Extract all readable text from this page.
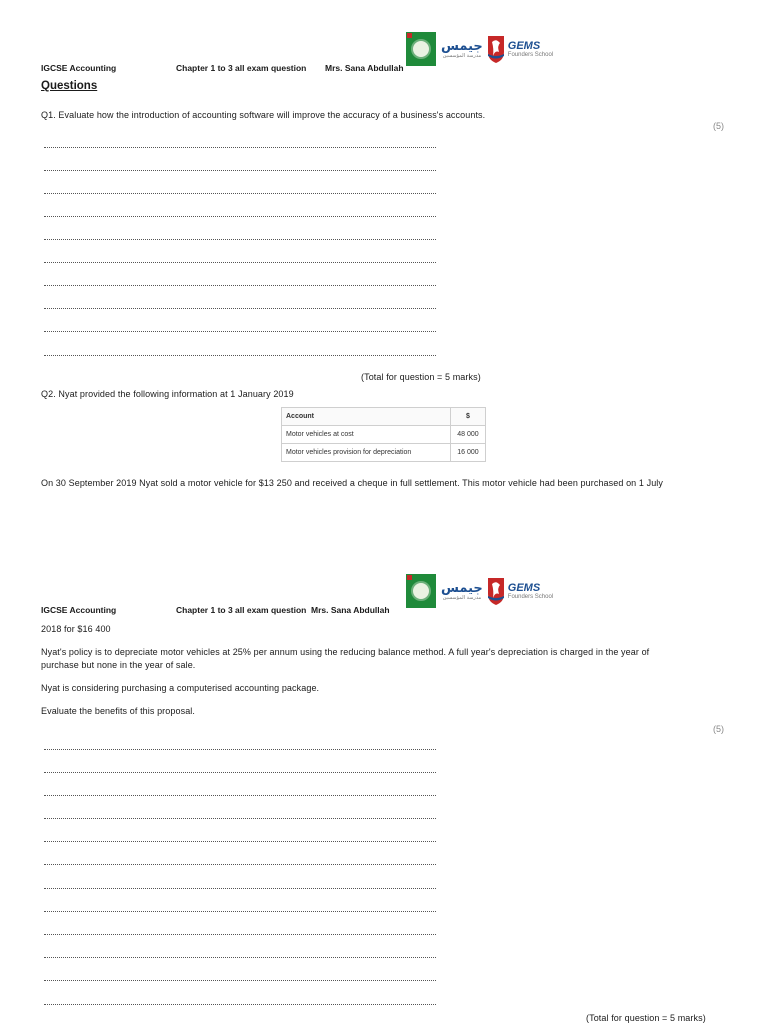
IGCSE Accounting	Chapter 1 to 3 all exam question Mrs. Sana Abdullah
جيمس
مدرسة المؤسسين
GEMS
Founders School
Questions
Q1. Evaluate how the introduction of accounting software will improve the accuracy of a business's accounts.
(5)
(Total for question = 5 marks)
Q2. Nyat provided the following information at 1 January 2019
Account	$
Motor vehicles at cost	48 000
Motor vehicles provision for depreciation	16 000
On 30 September 2019 Nyat sold a motor vehicle for $13 250 and received a cheque in full settlement. This motor vehicle had been purchased on 1 July
IGCSE Accounting	Chapter 1 to 3 all exam question Mrs. Sana Abdullah
جيمس
مدرسة المؤسسين
GEMS
Founders School
2018 for $16 400
Nyat's policy is to depreciate motor vehicles at 25% per annum using the reducing balance method. A full year's depreciation is charged in the year of
purchase but none in the year of sale.
Nyat is considering purchasing a computerised accounting package.
Evaluate the benefits of this proposal.
(5)
(Total for question = 5 marks)
